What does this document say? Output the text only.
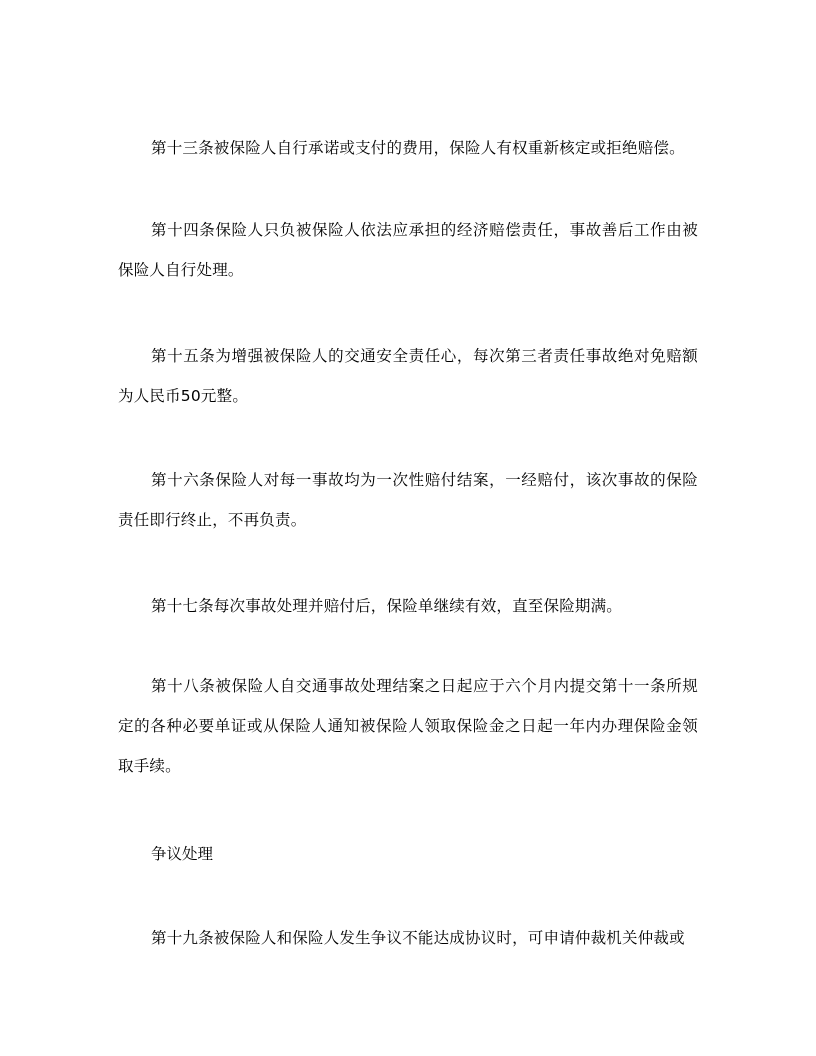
第十三条被保险人自行承诺或支付的费用，保险人有权重新核定或拒绝赔偿。
第十四条保险人只负被保险人依法应承担的经济赔偿责任，事故善后工作由被保险人自行处理。
第十五条为增强被保险人的交通安全责任心，每次第三者责任事故绝对免赔额为人民币50元整。
第十六条保险人对每一事故均为一次性赔付结案，一经赔付，该次事故的保险责任即行终止，不再负责。
第十七条每次事故处理并赔付后，保险单继续有效，直至保险期满。
第十八条被保险人自交通事故处理结案之日起应于六个月内提交第十一条所规定的各种必要单证或从保险人通知被保险人领取保险金之日起一年内办理保险金领取手续。
争议处理
第十九条被保险人和保险人发生争议不能达成协议时，可申请仲裁机关仲裁或
